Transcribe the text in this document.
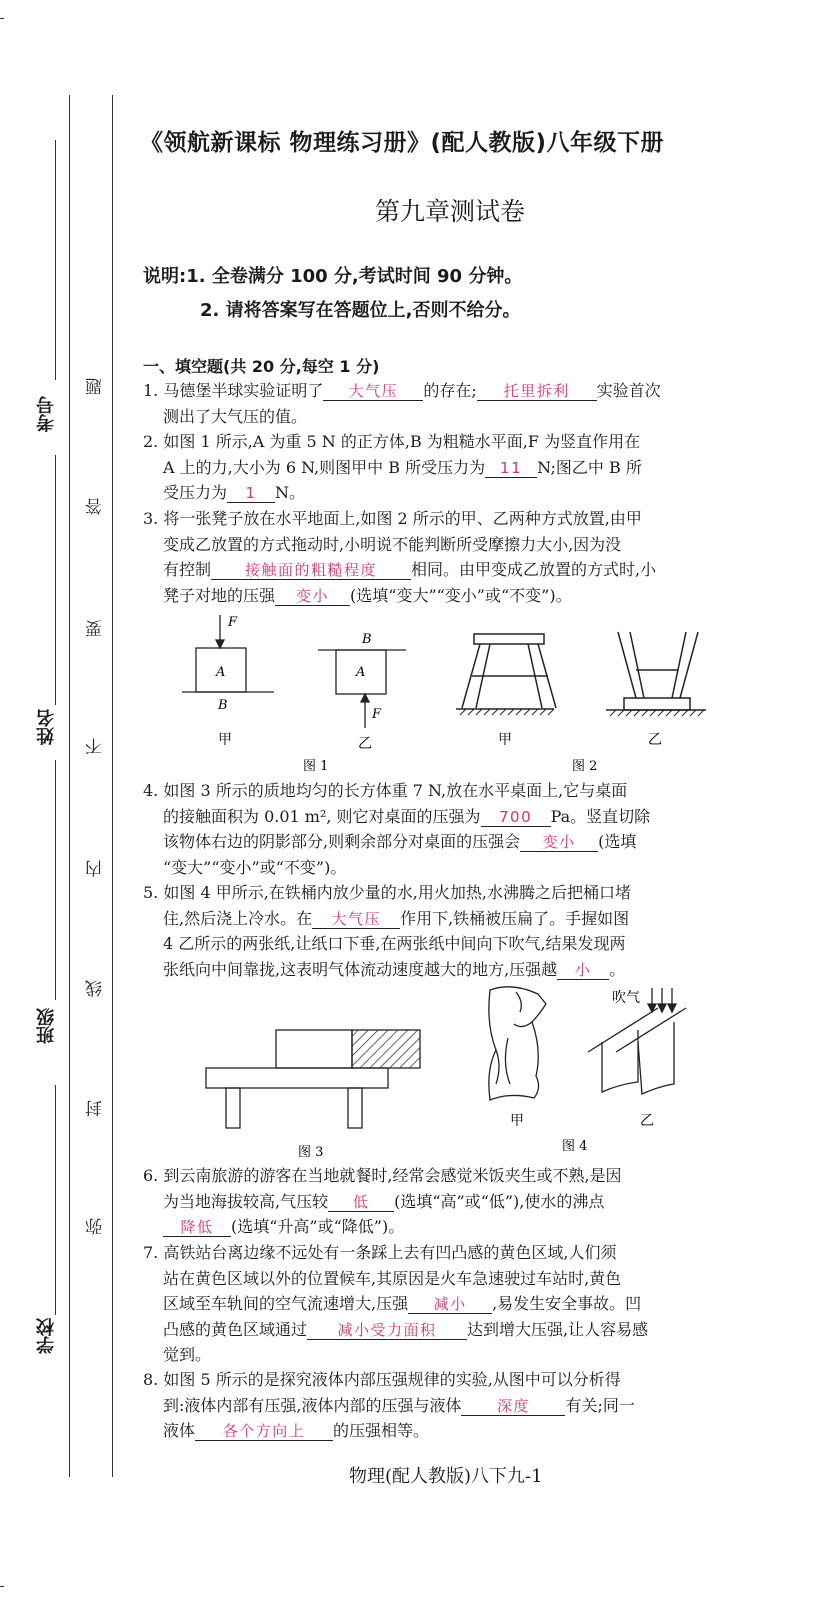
考号
姓名
班级
学校
题
答
要
不
内
线
封
弥
《领航新课标 物理练习册》(配人教版)八年级下册
第九章测试卷
说明:1. 全卷满分 100 分,考试时间 90 分钟。
2. 请将答案写在答题位上,否则不给分。
一、填空题(共 20 分,每空 1 分)

1. 马德堡半球实验证明了 大气压 的存在; 托里拆利 实验首次

测出了大气压的值。

2. 如图 1 所示,A 为重 5 N 的正方体,B 为粗糙水平面,F 为竖直作用在

A 上的力,大小为 6 N,则图甲中 B 所受压力为 11 N;图乙中 B 所

受压力为 1 N。

3. 将一张凳子放在水平地面上,如图 2 所示的甲、乙两种方式放置,由甲

变成乙放置的方式拖动时,小明说不能判断所受摩擦力大小,因为没

有控制 接触面的粗糙程度 相同。由甲变成乙放置的方式时,小

凳子对地的压强 变小 (选填“变大”“变小”或“不变”)。

F
A
B
甲
B
A
F
乙
图 1
甲	乙
图 2

4. 如图 3 所示的质地均匀的长方体重 7 N,放在水平桌面上,它与桌面

的接触面积为 0.01 m², 则它对桌面的压强为 700 Pa。竖直切除

该物体右边的阴影部分,则剩余部分对桌面的压强会 变小 (选填

“变大”“变小”或“不变”)。

5. 如图 4 甲所示,在铁桶内放少量的水,用火加热,水沸腾之后把桶口堵

住,然后浇上冷水。在 大气压 作用下,铁桶被压扁了。手握如图

4 乙所示的两张纸,让纸口下垂,在两张纸中间向下吹气,结果发现两

张纸向中间靠拢,这表明气体流动速度越大的地方,压强越 小 。

图 3
甲
吹气
乙
图 4

6. 到云南旅游的游客在当地就餐时,经常会感觉米饭夹生或不熟,是因

为当地海拔较高,气压较 低 (选填“高”或“低”),使水的沸点

降低 (选填“升高”或“降低”)。

7. 高铁站台离边缘不远处有一条踩上去有凹凸感的黄色区域,人们须

站在黄色区域以外的位置候车,其原因是火车急速驶过车站时,黄色

区域至车轨间的空气流速增大,压强 减小 ,易发生安全事故。凹

凸感的黄色区域通过 减小受力面积 达到增大压强,让人容易感

觉到。

8. 如图 5 所示的是探究液体内部压强规律的实验,从图中可以分析得

到:液体内部有压强,液体内部的压强与液体 深度 有关;同一

液体 各个方向上 的压强相等。

物理(配人教版)八下九-1
